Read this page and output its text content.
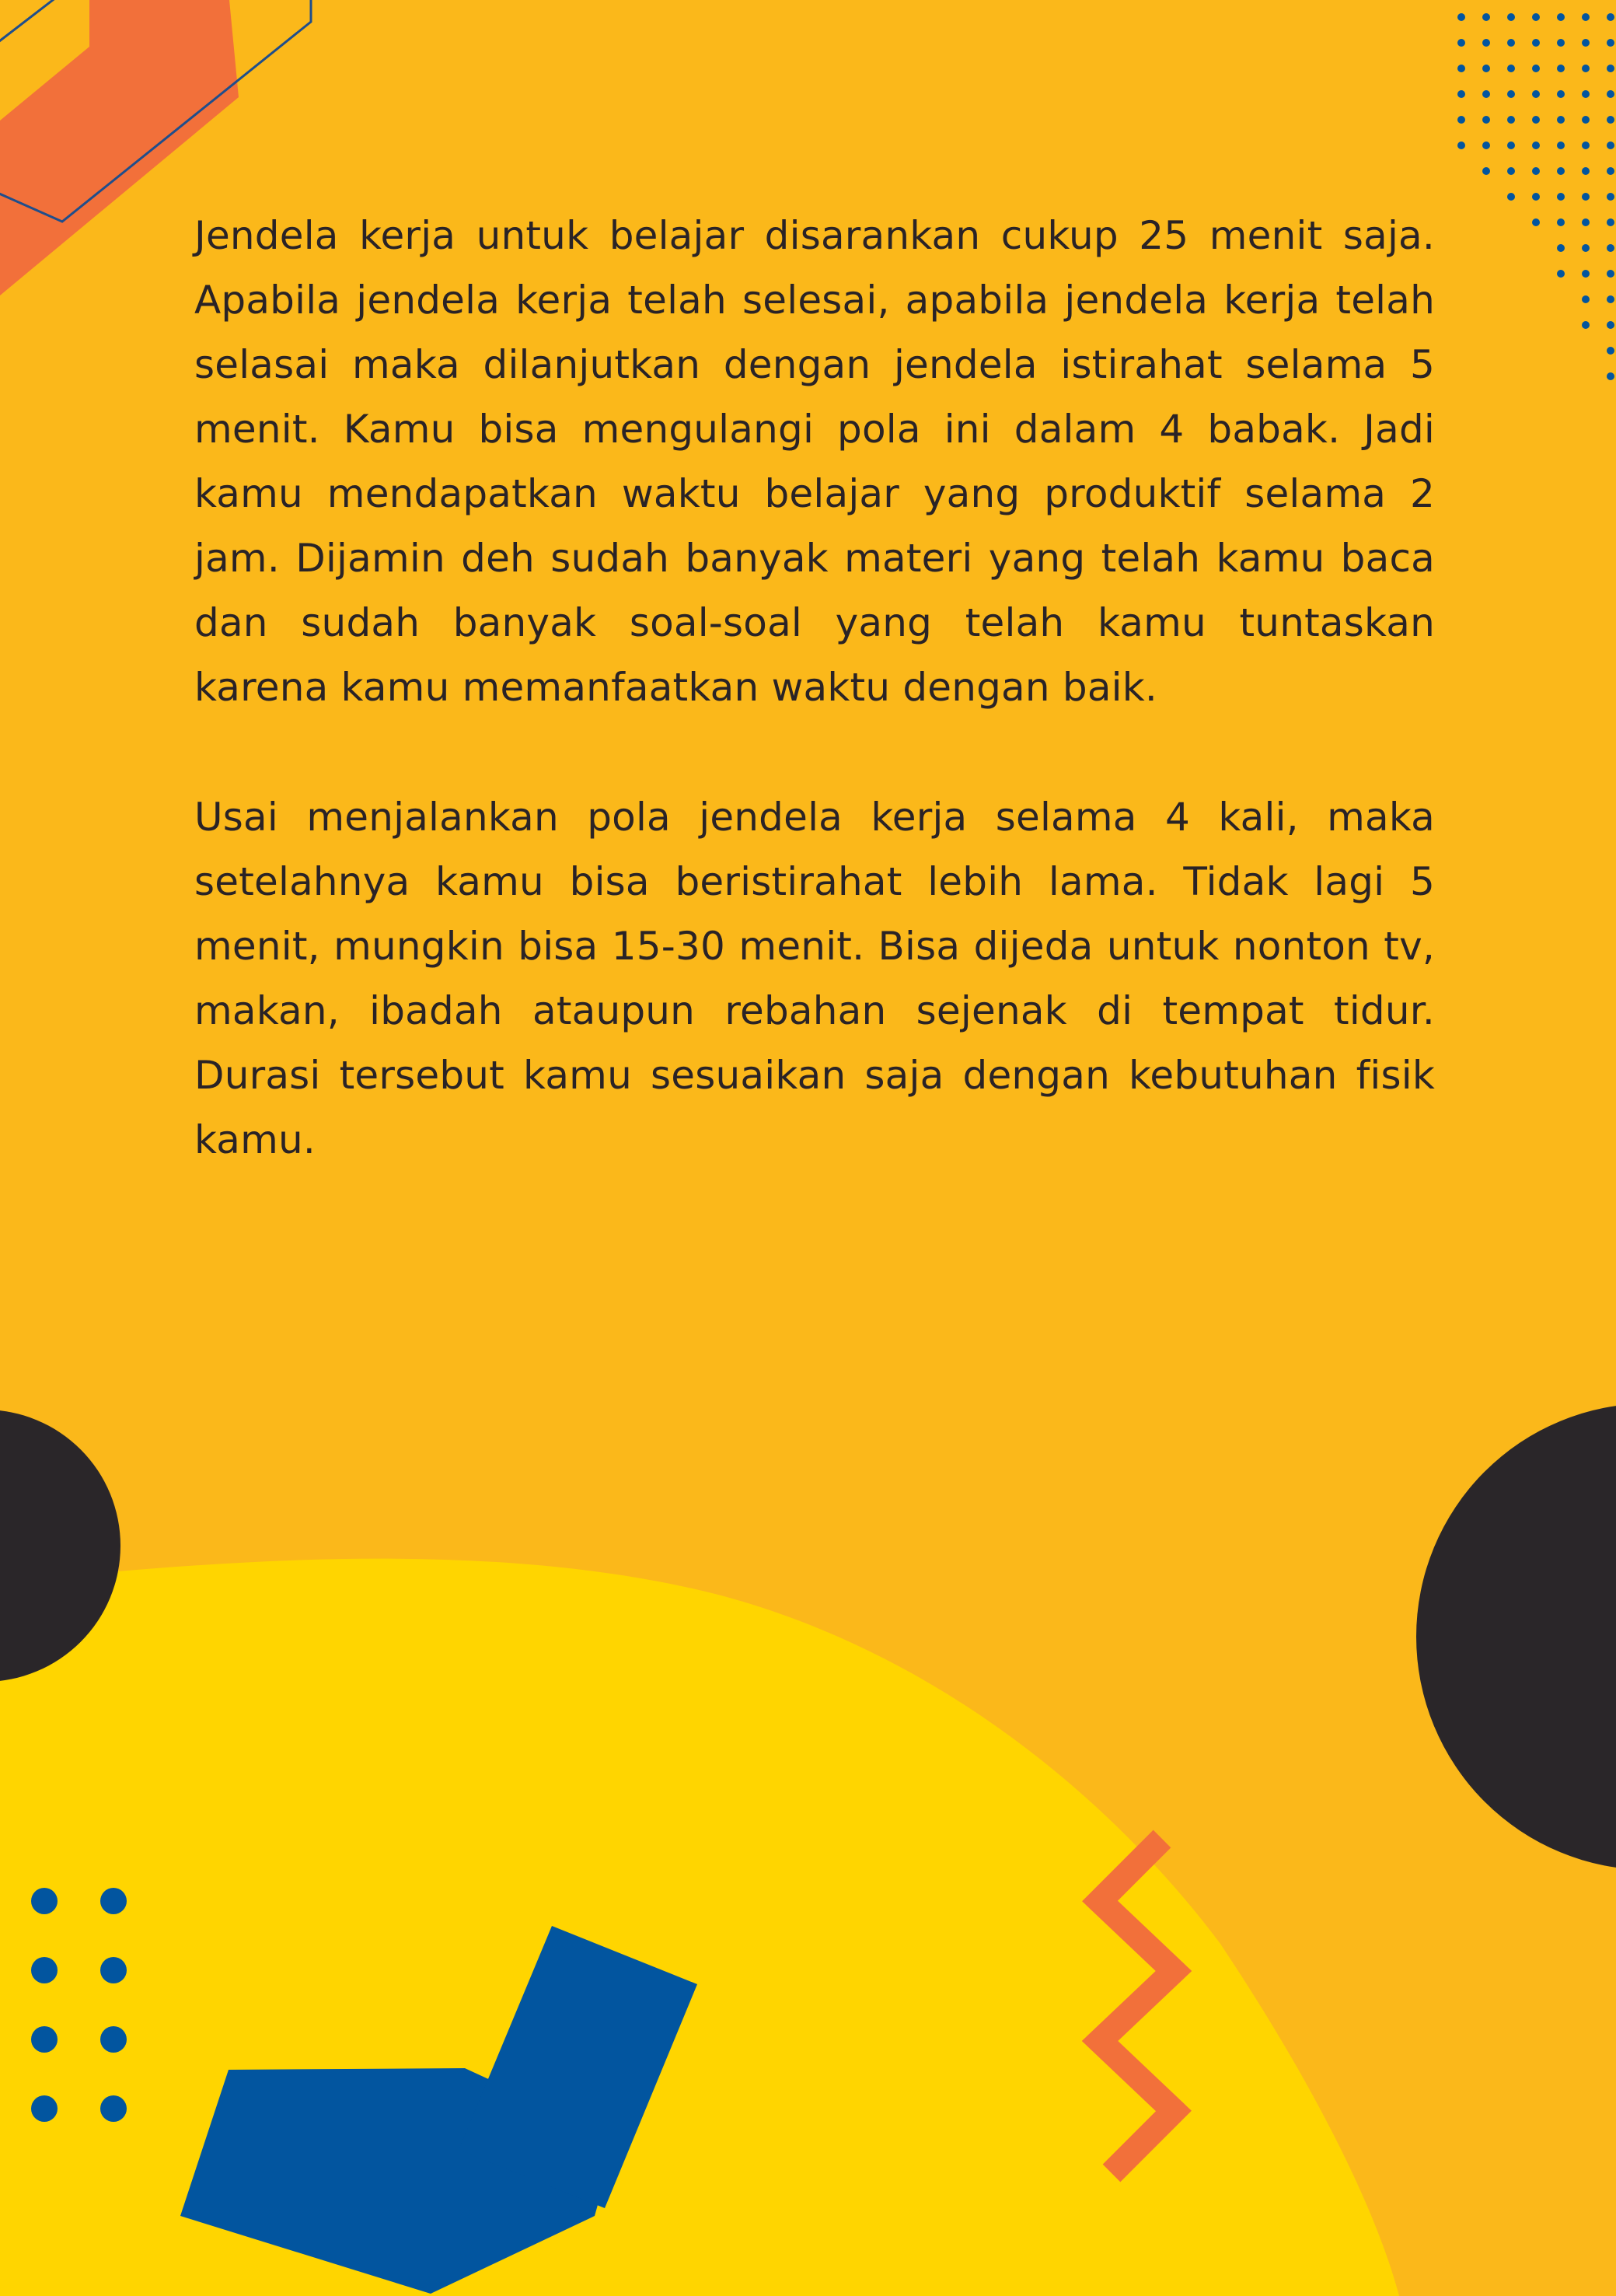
Jendela kerja untuk belajar disarankan cukup 25 menit saja. Apabila jendela kerja telah selesai, apabila jendela kerja telah selasai maka dilanjutkan dengan jendela istirahat selama 5 menit. Kamu bisa mengulangi pola ini dalam 4 babak. Jadi kamu mendapatkan waktu belajar yang produktif selama 2 jam. Dijamin deh sudah banyak materi yang telah kamu baca dan sudah banyak soal-soal yang telah kamu tuntaskan karena kamu memanfaatkan waktu dengan baik.

Usai menjalankan pola jendela kerja selama 4 kali, maka setelahnya kamu bisa beristirahat lebih lama. Tidak lagi 5 menit, mungkin bisa 15-30 menit. Bisa dijeda untuk nonton tv, makan, ibadah ataupun rebahan sejenak di tempat tidur. Durasi tersebut kamu sesuaikan saja dengan kebutuhan fisik kamu.
